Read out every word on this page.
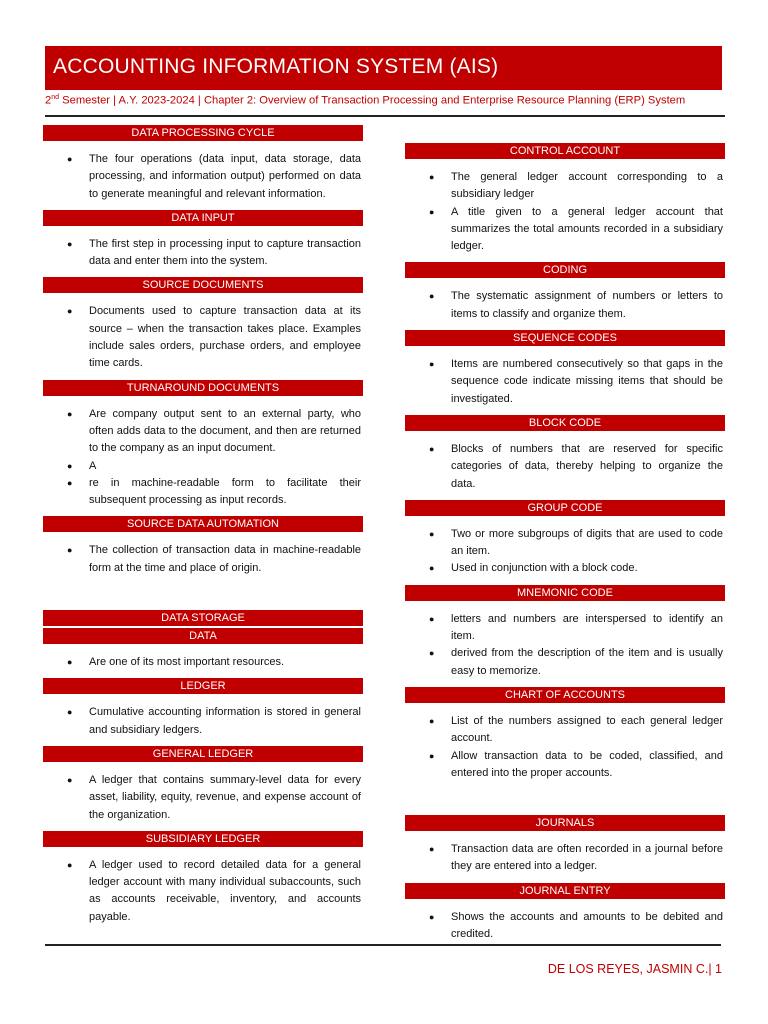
ACCOUNTING INFORMATION SYSTEM (AIS)
2nd Semester | A.Y. 2023-2024 | Chapter 2: Overview of Transaction Processing and Enterprise Resource Planning (ERP) System
DATA PROCESSING CYCLE
● The four operations (data input, data storage, data processing, and information output) performed on data to generate meaningful and relevant information.
DATA INPUT
● The first step in processing input to capture transaction data and enter them into the system.
SOURCE DOCUMENTS
● Documents used to capture transaction data at its source – when the transaction takes place. Examples include sales orders, purchase orders, and employee time cards.
TURNAROUND DOCUMENTS
● Are company output sent to an external party, who often adds data to the document, and then are returned to the company as an input document.
● A
● re in machine-readable form to facilitate their subsequent processing as input records.
SOURCE DATA AUTOMATION
● The collection of transaction data in machine-readable form at the time and place of origin.
DATA STORAGE
DATA
● Are one of its most important resources.
LEDGER
● Cumulative accounting information is stored in general and subsidiary ledgers.
GENERAL LEDGER
● A ledger that contains summary-level data for every asset, liability, equity, revenue, and expense account of the organization.
SUBSIDIARY LEDGER
● A ledger used to record detailed data for a general ledger account with many individual subaccounts, such as accounts receivable, inventory, and accounts payable.
CONTROL ACCOUNT
● The general ledger account corresponding to a subsidiary ledger
● A title given to a general ledger account that summarizes the total amounts recorded in a subsidiary ledger.
CODING
● The systematic assignment of numbers or letters to items to classify and organize them.
SEQUENCE CODES
● Items are numbered consecutively so that gaps in the sequence code indicate missing items that should be investigated.
BLOCK CODE
● Blocks of numbers that are reserved for specific categories of data, thereby helping to organize the data.
GROUP CODE
● Two or more subgroups of digits that are used to code an item.
● Used in conjunction with a block code.
MNEMONIC CODE
● letters and numbers are interspersed to identify an item.
● derived from the description of the item and is usually easy to memorize.
CHART OF ACCOUNTS
● List of the numbers assigned to each general ledger account.
● Allow transaction data to be coded, classified, and entered into the proper accounts.
JOURNALS
● Transaction data are often recorded in a journal before they are entered into a ledger.
JOURNAL ENTRY
● Shows the accounts and amounts to be debited and credited.
DE LOS REYES, JASMIN C.| 1
